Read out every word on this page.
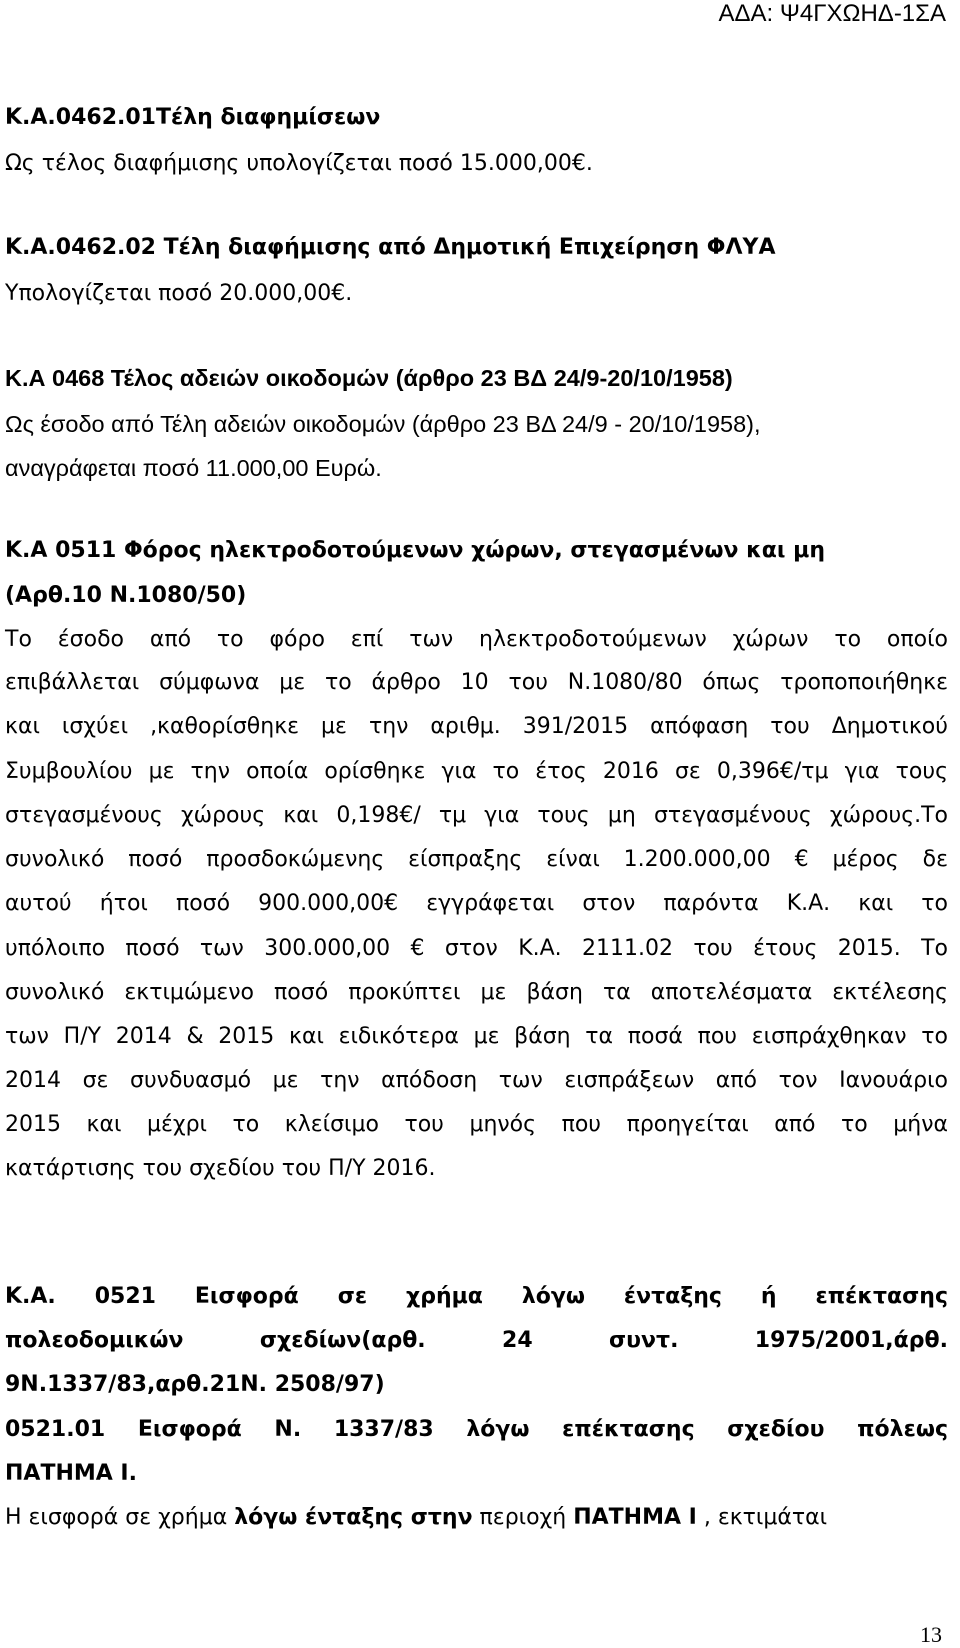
ΑΔΑ: Ψ4ΓΧΩΗΔ-1ΣΑ
Κ.Α.0462.01Τέλη διαφημίσεων
Ως τέλος διαφήμισης υπολογίζεται ποσό 15.000,00€.
Κ.Α.0462.02 Τέλη διαφήμισης από Δημοτική Επιχείρηση ΦΛΥΑ
Υπολογίζεται ποσό 20.000,00€.
Κ.Α 0468 Τέλος αδειών οικοδομών (άρθρο 23 ΒΔ 24/9-20/10/1958)
Ως έσοδο από Τέλη αδειών οικοδομών (άρθρο 23 ΒΔ 24/9 - 20/10/1958),
αναγράφεται ποσό 11.000,00 Ευρώ.
Κ.Α 0511 Φόρος ηλεκτροδοτούμενων χώρων, στεγασμένων και μη
(Αρθ.10 Ν.1080/50)
Το έσοδο από το φόρο επί των ηλεκτροδοτούμενων χώρων το οποίο
επιβάλλεται σύμφωνα με το άρθρο 10 του Ν.1080/80 όπως τροποποιήθηκε
και ισχύει ,καθορίσθηκε με την αριθμ. 391/2015 απόφαση του Δημοτικού
Συμβουλίου με την οποία ορίσθηκε για το έτος 2016 σε 0,396€/τμ για τους
στεγασμένους χώρους και 0,198€/ τμ για τους μη στεγασμένους χώρους.Το
συνολικό ποσό προσδοκώμενης είσπραξης είναι 1.200.000,00 € μέρος δε
αυτού ήτοι ποσό 900.000,00€ εγγράφεται στον παρόντα Κ.Α. και το
υπόλοιπο ποσό των 300.000,00 € στον Κ.Α. 2111.02 του έτους 2015. Το
συνολικό εκτιμώμενο ποσό προκύπτει με βάση τα αποτελέσματα εκτέλεσης
των Π/Υ 2014 & 2015 και ειδικότερα με βάση τα ποσά που εισπράχθηκαν το
2014 σε συνδυασμό με την απόδοση των εισπράξεων από τον Ιανουάριο
2015 και μέχρι το κλείσιμο του μηνός που προηγείται από το μήνα
κατάρτισης του σχεδίου του Π/Υ 2016.
Κ.Α. 0521 Εισφορά σε χρήμα λόγω ένταξης ή επέκτασης
πολεοδομικών σχεδίων(αρθ. 24 συντ. 1975/2001,άρθ.
9Ν.1337/83,αρθ.21Ν. 2508/97)
0521.01 Εισφορά Ν. 1337/83 λόγω επέκτασης σχεδίου πόλεως
ΠΑΤΗΜΑ Ι.
Η εισφορά σε χρήμα λόγω ένταξης στην περιοχή ΠΑΤΗΜΑ Ι , εκτιμάται
13
